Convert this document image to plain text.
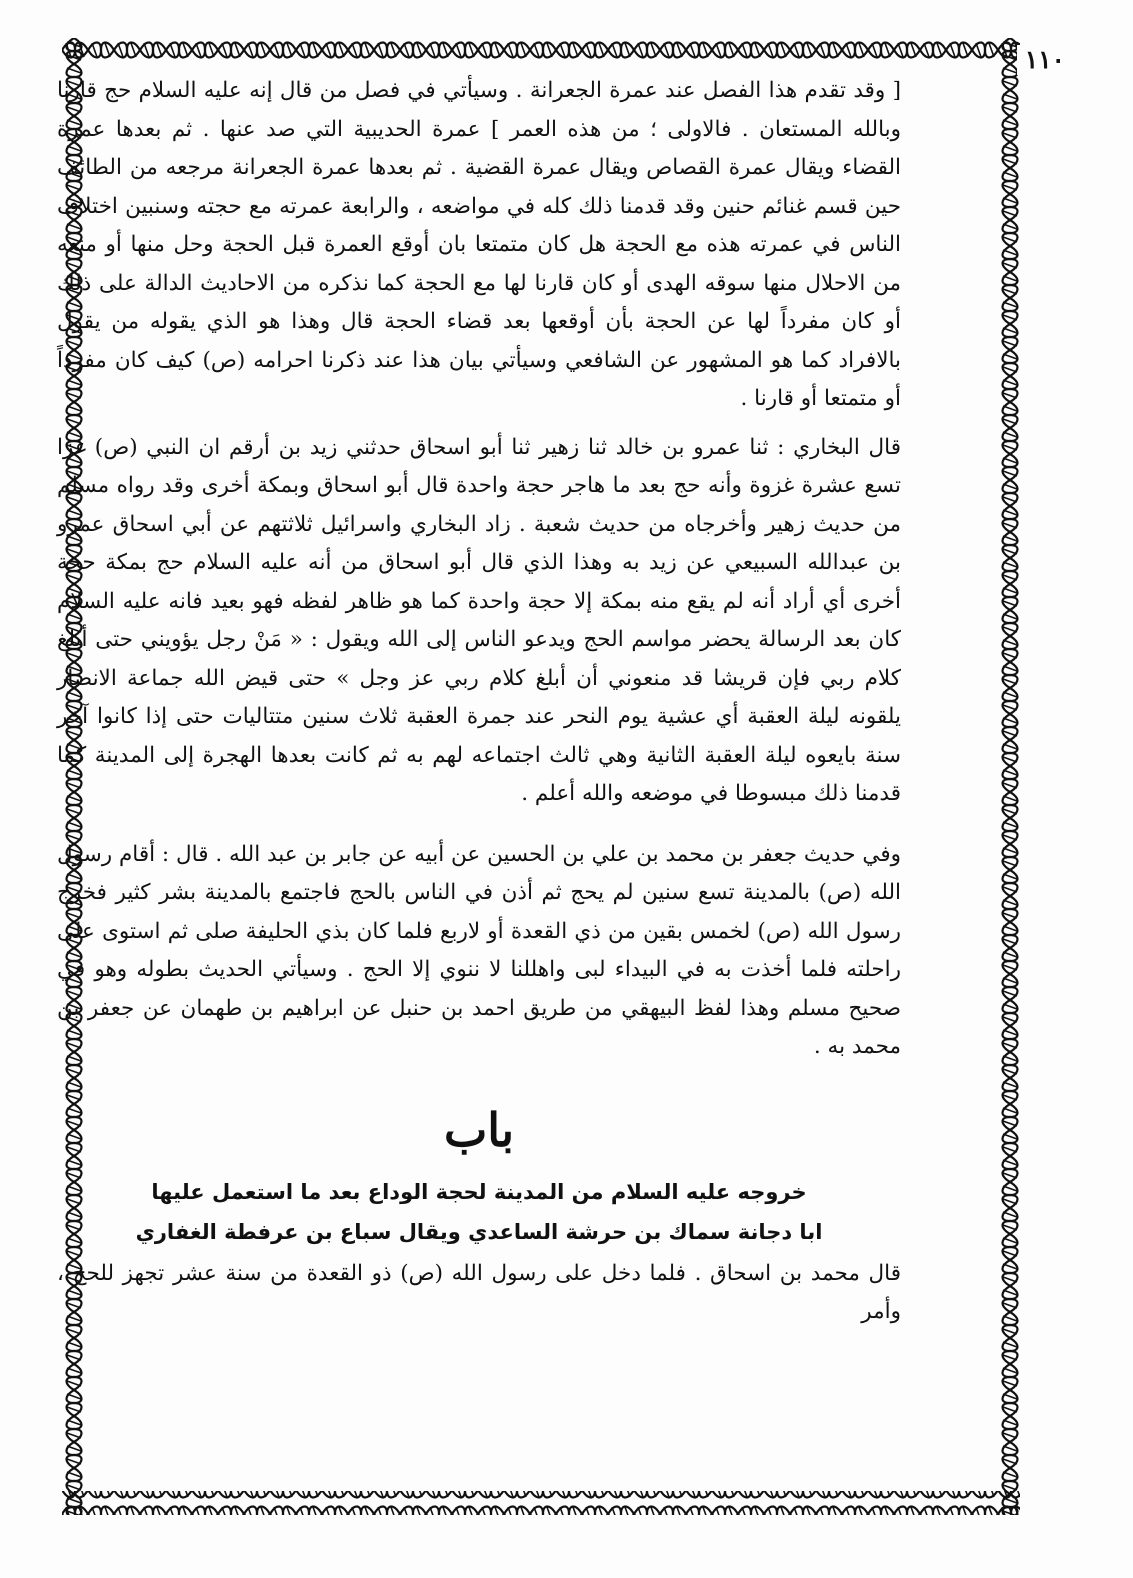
١١٠

[ وقد تقدم هذا الفصل عند عمرة الجعرانة . وسيأتي في فصل من قال إنه عليه السلام حج قارنا وبالله المستعان . فالاولى ؛ من هذه العمر ] عمرة الحديبية التي صد عنها . ثم بعدها عمرة القضاء ويقال عمرة القصاص ويقال عمرة القضية . ثم بعدها عمرة الجعرانة مرجعه من الطائف حين قسم غنائم حنين وقد قدمنا ذلك كله في مواضعه ، والرابعة عمرته مع حجته وسنبين اختلاف الناس في عمرته هذه مع الحجة هل كان متمتعا بان أوقع العمرة قبل الحجة وحل منها أو منعه من الاحلال منها سوقه الهدى أو كان قارنا لها مع الحجة كما نذكره من الاحاديث الدالة على ذلك أو كان مفرداً لها عن الحجة بأن أوقعها بعد قضاء الحجة قال وهذا هو الذي يقوله من يقول بالافراد كما هو المشهور عن الشافعي وسيأتي بيان هذا عند ذكرنا احرامه (ص) كيف كان مفرداً أو متمتعا أو قارنا .

قال البخاري : ثنا عمرو بن خالد ثنا زهير ثنا أبو اسحاق حدثني زيد بن أرقم ان النبي (ص) غزا تسع عشرة غزوة وأنه حج بعد ما هاجر حجة واحدة قال أبو اسحاق وبمكة أخرى وقد رواه مسلم من حديث زهير وأخرجاه من حديث شعبة . زاد البخاري واسرائيل ثلاثتهم عن أبي اسحاق عمرو بن عبدالله السبيعي عن زيد به وهذا الذي قال أبو اسحاق من أنه عليه السلام حج بمكة حجة أخرى أي أراد أنه لم يقع منه بمكة إلا حجة واحدة كما هو ظاهر لفظه فهو بعيد فانه عليه السلام كان بعد الرسالة يحضر مواسم الحج ويدعو الناس إلى الله ويقول : « مَنْ رجل يؤويني حتى أبلغ كلام ربي فإن قريشا قد منعوني أن أبلغ كلام ربي عز وجل » حتى قيض الله جماعة الانصار يلقونه ليلة العقبة أي عشية يوم النحر عند جمرة العقبة ثلاث سنين متتاليات حتى إذا كانوا آخر سنة بايعوه ليلة العقبة الثانية وهي ثالث اجتماعه لهم به ثم كانت بعدها الهجرة إلى المدينة كما قدمنا ذلك مبسوطا في موضعه والله أعلم .

وفي حديث جعفر بن محمد بن علي بن الحسين عن أبيه عن جابر بن عبد الله . قال : أقام رسول الله (ص) بالمدينة تسع سنين لم يحج ثم أذن في الناس بالحج فاجتمع بالمدينة بشر كثير فخرج رسول الله (ص) لخمس بقين من ذي القعدة أو لاربع فلما كان بذي الحليفة صلى ثم استوى على راحلته فلما أخذت به في البيداء لبى واهللنا لا ننوي إلا الحج . وسيأتي الحديث بطوله وهو في صحيح مسلم وهذا لفظ البيهقي من طريق احمد بن حنبل عن ابراهيم بن طهمان عن جعفر بن محمد به .

باب
خروجه عليه السلام من المدينة لحجة الوداع بعد ما استعمل عليها
ابا دجانة سماك بن حرشة الساعدي ويقال سباع بن عرفطة الغفاري

قال محمد بن اسحاق . فلما دخل على رسول الله (ص) ذو القعدة من سنة عشر تجهز للحج ، وأمر
